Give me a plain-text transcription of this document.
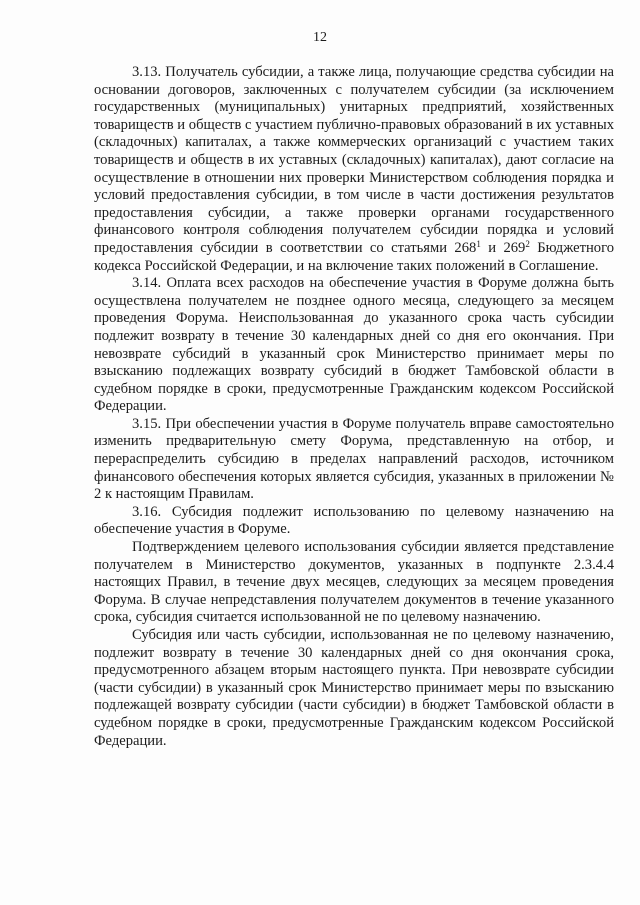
12

3.13. Получатель субсидии, а также лица, получающие средства субсидии на основании договоров, заключенных с получателем субсидии (за исключением государственных (муниципальных) унитарных предприятий, хозяйственных товариществ и обществ с участием публично-правовых образований в их уставных (складочных) капиталах, а также коммерческих организаций с участием таких товариществ и обществ в их уставных (складочных) капиталах), дают согласие на осуществление в отношении них проверки Министерством соблюдения порядка и условий предоставления субсидии, в том числе в части достижения результатов предоставления субсидии, а также проверки органами государственного финансового контроля соблюдения получателем субсидии порядка и условий предоставления субсидии в соответствии со статьями $268^1$ и $269^2$ Бюджетного кодекса Российской Федерации, и на включение таких положений в Соглашение.

3.14. Оплата всех расходов на обеспечение участия в Форуме должна быть осуществлена получателем не позднее одного месяца, следующего за месяцем проведения Форума. Неиспользованная до указанного срока часть субсидии подлежит возврату в течение 30 календарных дней со дня его окончания. При невозврате субсидий в указанный срок Министерство принимает меры по взысканию подлежащих возврату субсидий в бюджет Тамбовской области в судебном порядке в сроки, предусмотренные Гражданским кодексом Российской Федерации.

3.15. При обеспечении участия в Форуме получатель вправе самостоятельно изменить предварительную смету Форума, представленную на отбор, и перераспределить субсидию в пределах направлений расходов, источником финансового обеспечения которых является субсидия, указанных в приложении № 2 к настоящим Правилам.

3.16. Субсидия подлежит использованию по целевому назначению на обеспечение участия в Форуме.

Подтверждением целевого использования субсидии является представление получателем в Министерство документов, указанных в подпункте 2.3.4.4 настоящих Правил, в течение двух месяцев, следующих за месяцем проведения Форума. В случае непредставления получателем документов в течение указанного срока, субсидия считается использованной не по целевому назначению.

Субсидия или часть субсидии, использованная не по целевому назначению, подлежит возврату в течение 30 календарных дней со дня окончания срока, предусмотренного абзацем вторым настоящего пункта. При невозврате субсидии (части субсидии) в указанный срок Министерство принимает меры по взысканию подлежащей возврату субсидии (части субсидии) в бюджет Тамбовской области в судебном порядке в сроки, предусмотренные Гражданским кодексом Российской Федерации.
